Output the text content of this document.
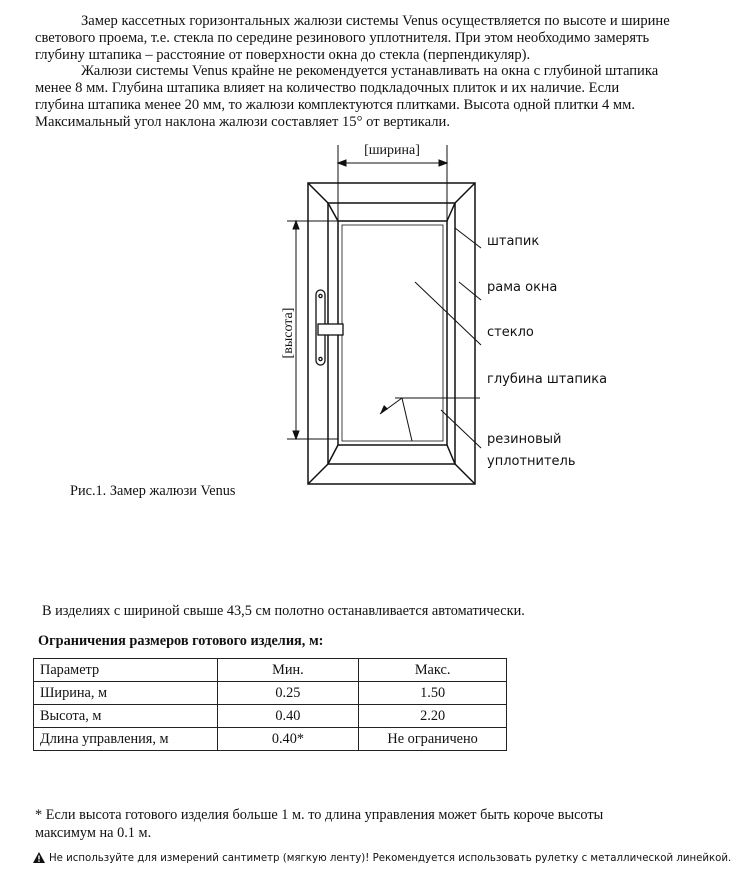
Замер кассетных горизонтальных жалюзи системы Venus осуществляется по высоте и ширине
светового проема, т.е. стекла по середине резинового уплотнителя. При этом необходимо замерять
глубину штапика – расстояние от поверхности окна до стекла (перпендикуляр).
Жалюзи системы Venus крайне не рекомендуется устанавливать на окна с глубиной штапика
менее 8 мм. Глубина штапика влияет на количество подкладочных плиток и их наличие. Если
глубина штапика менее 20 мм, то жалюзи комплектуются плитками. Высота одной плитки 4 мм.
Максимальный угол наклона жалюзи составляет 15° от вертикали.
[ширина]
[высота]
штапик
рама окна
стекло
глубина штапика
резиновый
уплотнитель
Рис.1. Замер жалюзи Venus
В изделиях с шириной свыше 43,5 см полотно останавливается автоматически.
Ограничения размеров готового изделия, м:
Параметр	Мин.	Макс.
Ширина, м	0.25	1.50
Высота, м	0.40	2.20
Длина управления, м	0.40*	Не ограничено
* Если высота готового изделия больше 1 м. то длина управления может быть короче высоты
максимум на 0.1 м.
Не используйте для измерений сантиметр (мягкую ленту)! Рекомендуется использовать рулетку с металлической линейкой.
